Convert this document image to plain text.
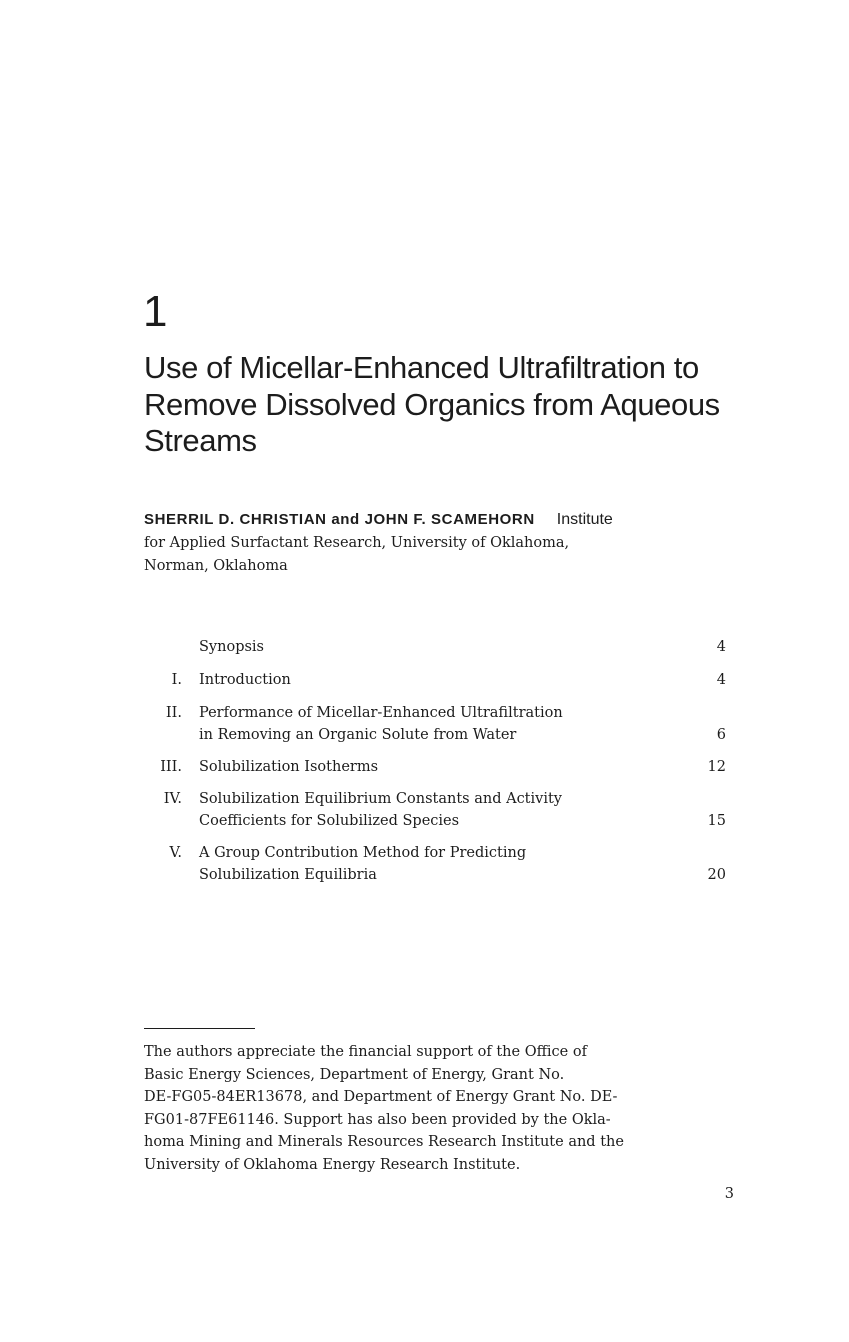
1
Use of Micellar-Enhanced Ultrafiltration to
Remove Dissolved Organics from Aqueous
Streams
SHERRIL D. CHRISTIAN and JOHN F. SCAMEHORN Institute
for Applied Surfactant Research, University of Oklahoma,
Norman, Oklahoma
Synopsis	4
I. Introduction	4
II. Performance of Micellar-Enhanced Ultrafiltration
in Removing an Organic Solute from Water	6
III. Solubilization Isotherms	12
IV. Solubilization Equilibrium Constants and Activity
Coefficients for Solubilized Species	15
V. A Group Contribution Method for Predicting
Solubilization Equilibria	20
The authors appreciate the financial support of the Office of
Basic Energy Sciences, Department of Energy, Grant No.
DE-FG05-84ER13678, and Department of Energy Grant No. DE-
FG01-87FE61146. Support has also been provided by the Okla-
homa Mining and Minerals Resources Research Institute and the
University of Oklahoma Energy Research Institute.
3
